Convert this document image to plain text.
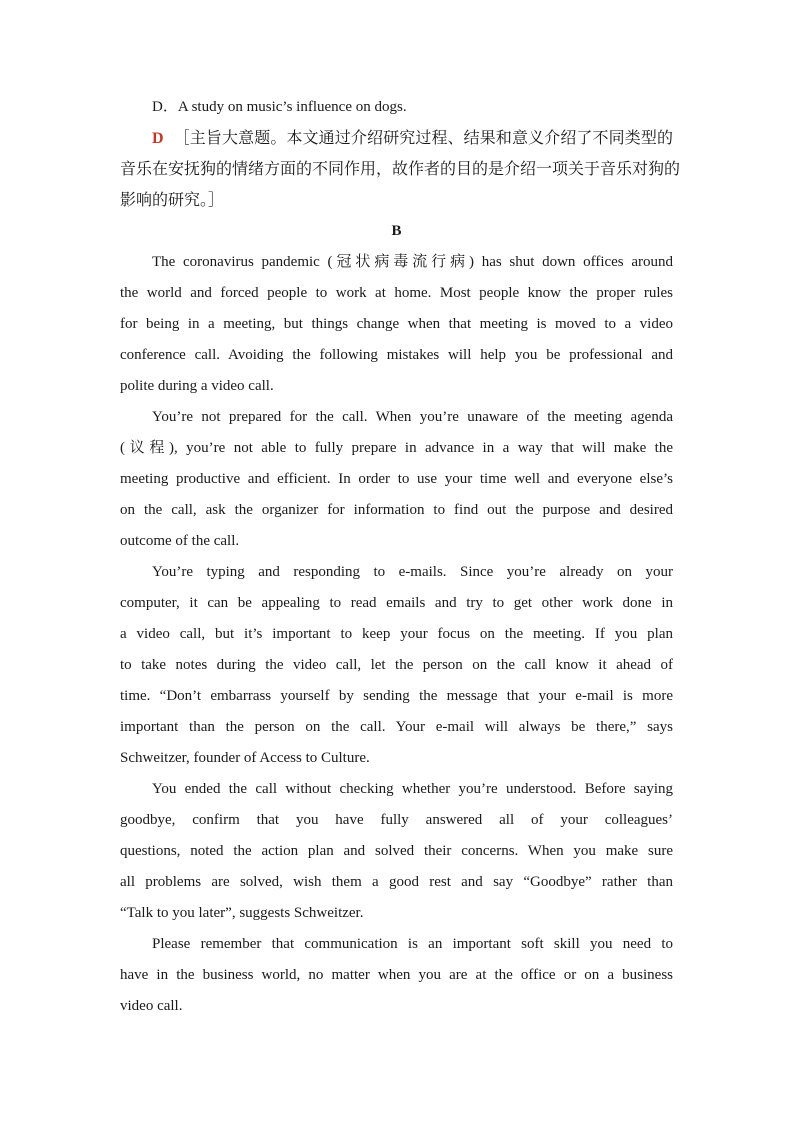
D．A study on music’s influence on dogs.
D ［主旨大意题。本文通过介绍研究过程、结果和意义介绍了不同类型的
音乐在安抚狗的情绪方面的不同作用，故作者的目的是介绍一项关于音乐对狗的
影响的研究。］
B
The coronavirus pandemic (冠状病毒流行病) has shut down offices around
the world and forced people to work at home. Most people know the proper rules
for being in a meeting, but things change when that meeting is moved to a video
conference call. Avoiding the following mistakes will help you be professional and
polite during a video call.
You’re not prepared for the call. When you’re unaware of the meeting agenda
(议程), you’re not able to fully prepare in advance in a way that will make the
meeting productive and efficient. In order to use your time well and everyone else’s
on the call, ask the organizer for information to find out the purpose and desired
outcome of the call.
You’re typing and responding to e-mails. Since you’re already on your
computer, it can be appealing to read emails and try to get other work done in
a video call, but it’s important to keep your focus on the meeting. If you plan
to take notes during the video call, let the person on the call know it ahead of
time. “Don’t embarrass yourself by sending the message that your e-mail is more
important than the person on the call. Your e-mail will always be there,” says
Schweitzer, founder of Access to Culture.
You ended the call without checking whether you’re understood. Before saying
goodbye, confirm that you have fully answered all of your colleagues’
questions, noted the action plan and solved their concerns. When you make sure
all problems are solved, wish them a good rest and say “Goodbye” rather than
“Talk to you later”, suggests Schweitzer.
Please remember that communication is an important soft skill you need to
have in the business world, no matter when you are at the office or on a business
video call.
